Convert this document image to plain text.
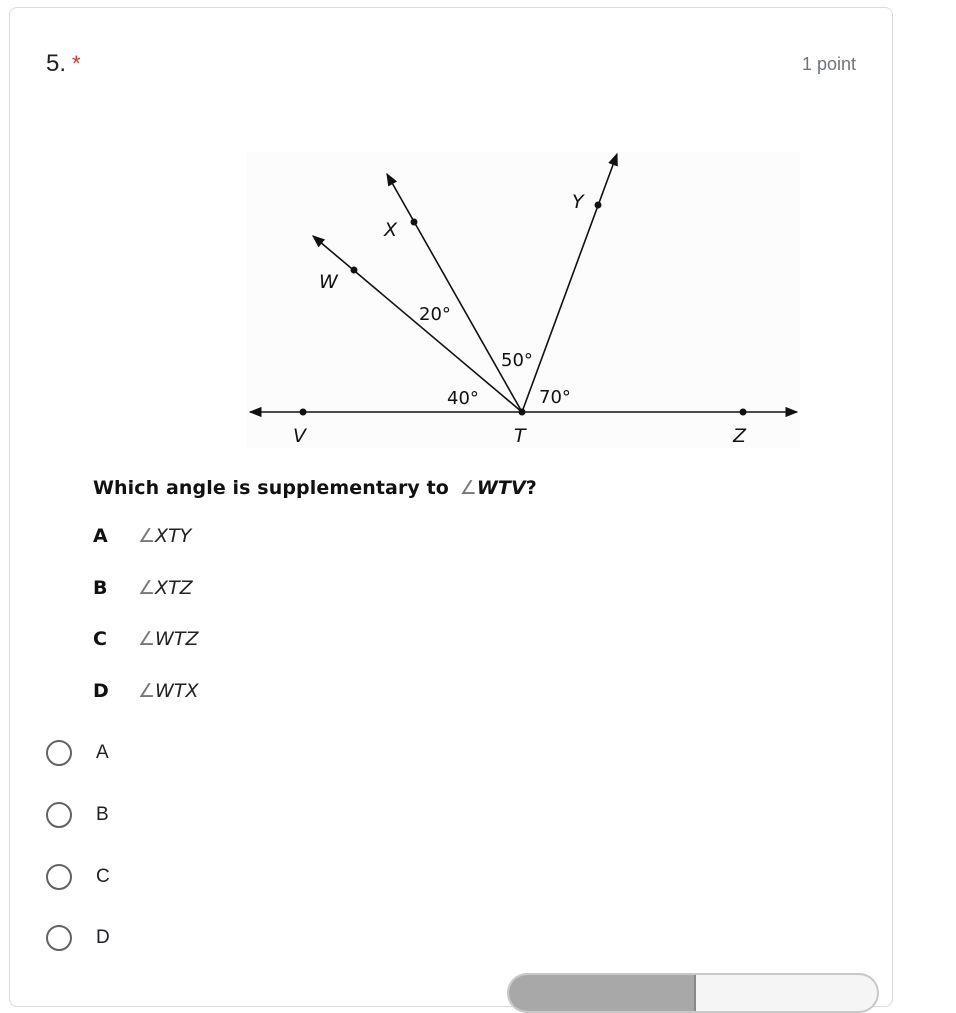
5. *	1 point
V	T	Z
W
X
Y
20°
50°
40°	70°
Which angle is supplementary to ∠WTV?
A ∠XTY
B ∠XTZ
C ∠WTZ
D ∠WTX
A
B
C
D
